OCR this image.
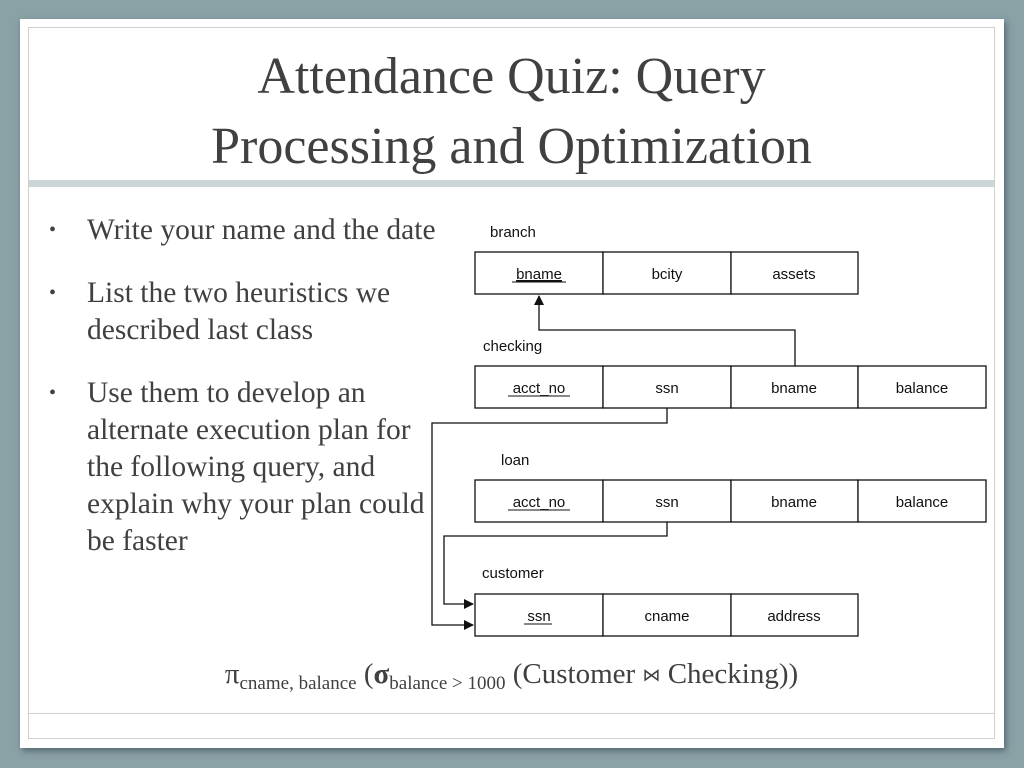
Attendance Quiz: Query
Processing and Optimization
• Write your name and the date
• List the two heuristics we described last class
• Use them to develop an alternate execution plan for the following query, and explain why your plan could be faster
$\pi_{cname, balance}$ ($\sigma_{balance > 1000}$ (Customer ⋈ Checking))
branch
bname	bcity	assets
checking
acct_no	ssn	bname	balance
loan
acct_no	ssn	bname	balance
customer
ssn	cname	address
